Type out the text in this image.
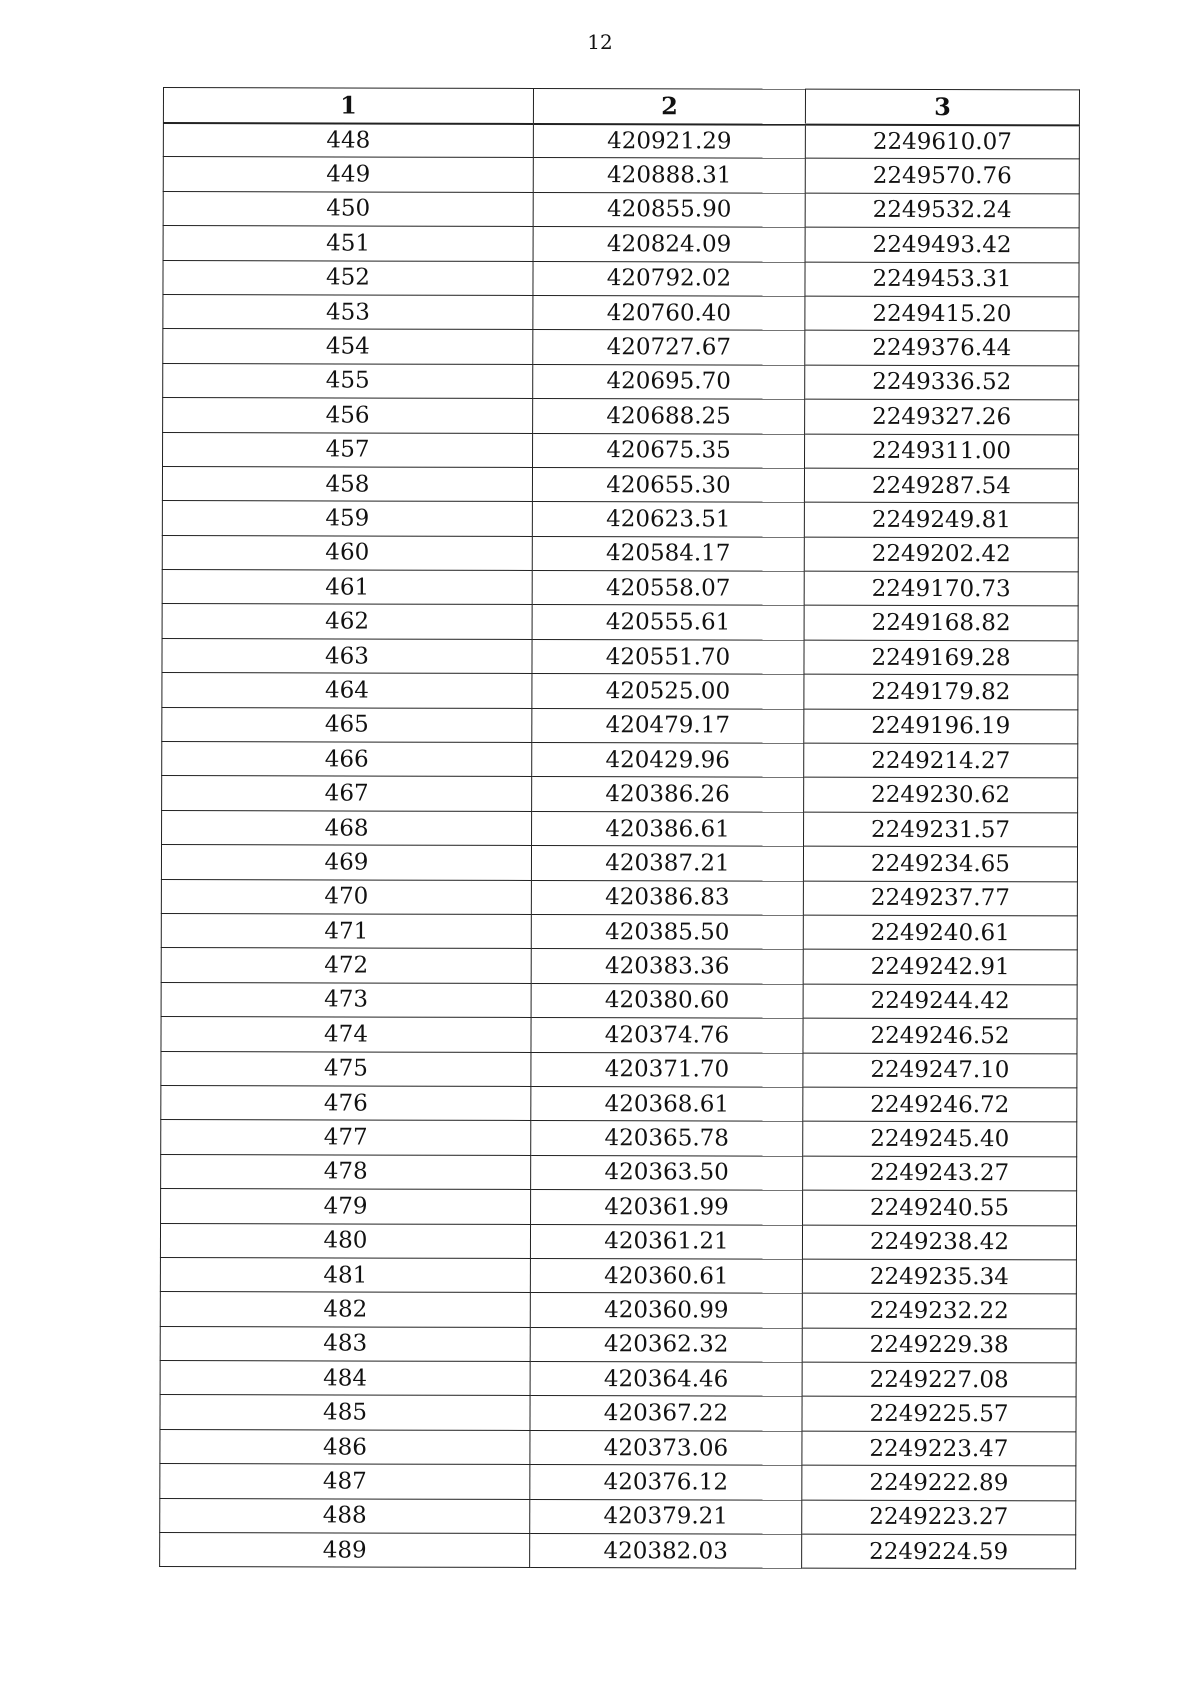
12
1	2	3
448	420921.29	2249610.07
449	420888.31	2249570.76
450	420855.90	2249532.24
451	420824.09	2249493.42
452	420792.02	2249453.31
453	420760.40	2249415.20
454	420727.67	2249376.44
455	420695.70	2249336.52
456	420688.25	2249327.26
457	420675.35	2249311.00
458	420655.30	2249287.54
459	420623.51	2249249.81
460	420584.17	2249202.42
461	420558.07	2249170.73
462	420555.61	2249168.82
463	420551.70	2249169.28
464	420525.00	2249179.82
465	420479.17	2249196.19
466	420429.96	2249214.27
467	420386.26	2249230.62
468	420386.61	2249231.57
469	420387.21	2249234.65
470	420386.83	2249237.77
471	420385.50	2249240.61
472	420383.36	2249242.91
473	420380.60	2249244.42
474	420374.76	2249246.52
475	420371.70	2249247.10
476	420368.61	2249246.72
477	420365.78	2249245.40
478	420363.50	2249243.27
479	420361.99	2249240.55
480	420361.21	2249238.42
481	420360.61	2249235.34
482	420360.99	2249232.22
483	420362.32	2249229.38
484	420364.46	2249227.08
485	420367.22	2249225.57
486	420373.06	2249223.47
487	420376.12	2249222.89
488	420379.21	2249223.27
489	420382.03	2249224.59
